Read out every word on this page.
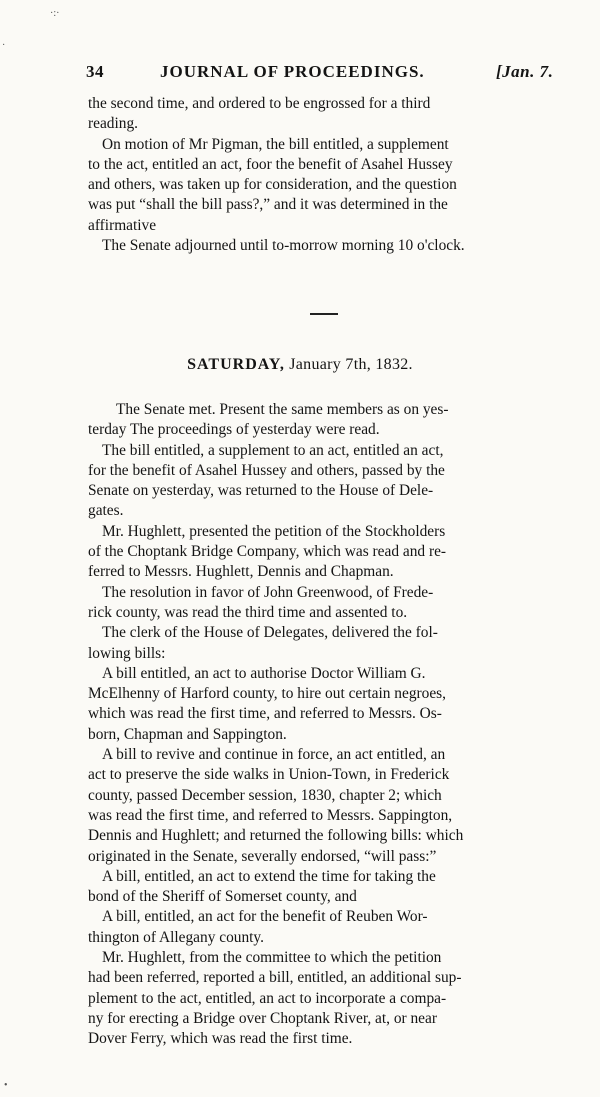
·:·
·
•
34	JOURNAL OF PROCEEDINGS.	[Jan. 7.
the second time, and ordered to be engrossed for a third
reading.
On motion of Mr Pigman, the bill entitled, a supplement
to the act, entitled an act, foor the benefit of Asahel Hussey
and others, was taken up for consideration, and the question
was put “shall the bill pass?,” and it was determined in the
affirmative
The Senate adjourned until to-morrow morning 10 o'clock.
SATURDAY, January 7th, 1832.
The Senate met. Present the same members as on yes-
terday The proceedings of yesterday were read.
The bill entitled, a supplement to an act, entitled an act,
for the benefit of Asahel Hussey and others, passed by the
Senate on yesterday, was returned to the House of Dele-
gates.
Mr. Hughlett, presented the petition of the Stockholders
of the Choptank Bridge Company, which was read and re-
ferred to Messrs. Hughlett, Dennis and Chapman.
The resolution in favor of John Greenwood, of Frede-
rick county, was read the third time and assented to.
The clerk of the House of Delegates, delivered the fol-
lowing bills:
A bill entitled, an act to authorise Doctor William G.
McElhenny of Harford county, to hire out certain negroes,
which was read the first time, and referred to Messrs. Os-
born, Chapman and Sappington.
A bill to revive and continue in force, an act entitled, an
act to preserve the side walks in Union-Town, in Frederick
county, passed December session, 1830, chapter 2; which
was read the first time, and referred to Messrs. Sappington,
Dennis and Hughlett; and returned the following bills: which
originated in the Senate, severally endorsed, “will pass:”
A bill, entitled, an act to extend the time for taking the
bond of the Sheriff of Somerset county, and
A bill, entitled, an act for the benefit of Reuben Wor-
thington of Allegany county.
Mr. Hughlett, from the committee to which the petition
had been referred, reported a bill, entitled, an additional sup-
plement to the act, entitled, an act to incorporate a compa-
ny for erecting a Bridge over Choptank River, at, or near
Dover Ferry, which was read the first time.
